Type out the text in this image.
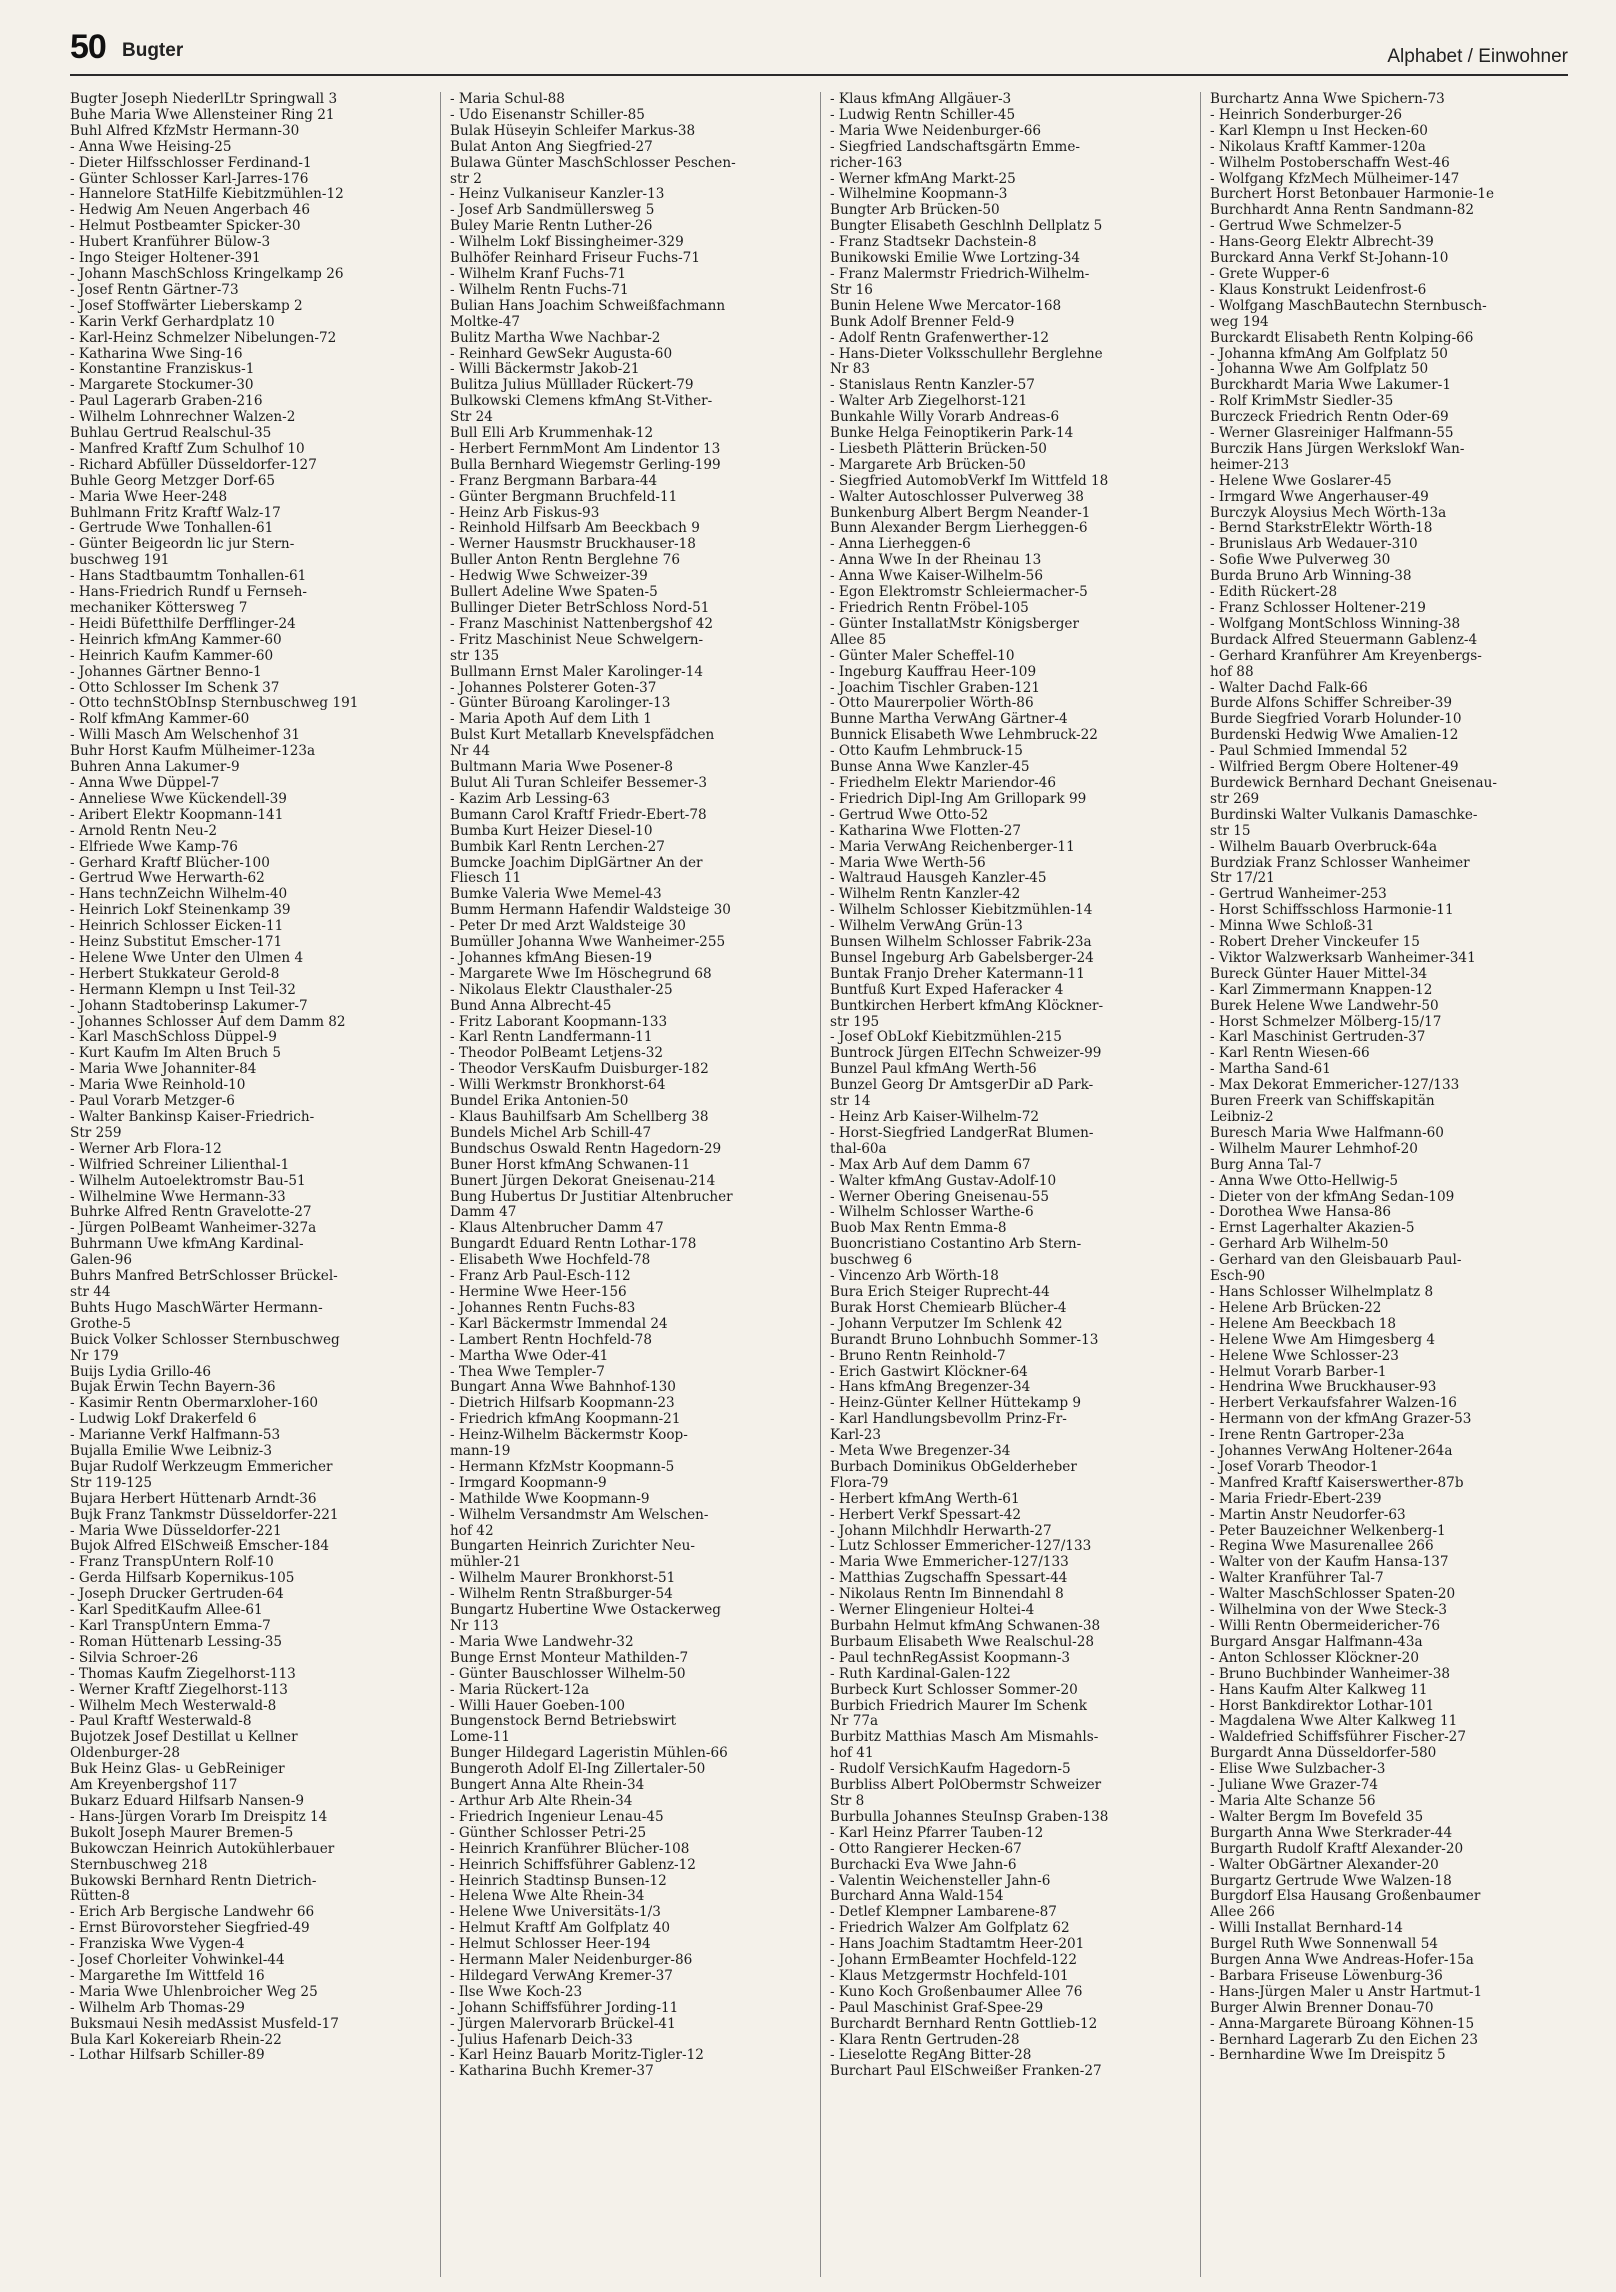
50 Bugter	Alphabet / Einwohner

Bugter Joseph NiederlLtr Springwall 3

Buhe Maria Wwe Allensteiner Ring 21

Buhl Alfred KfzMstr Hermann-30

- Anna Wwe Heising-25

- Dieter Hilfsschlosser Ferdinand-1

- Günter Schlosser Karl-Jarres-176

- Hannelore StatHilfe Kiebitzmühlen-12

- Hedwig Am Neuen Angerbach 46

- Helmut Postbeamter Spicker-30

- Hubert Kranführer Bülow-3

- Ingo Steiger Holtener-391

- Johann MaschSchloss Kringelkamp 26

- Josef Rentn Gärtner-73

- Josef Stoffwärter Lieberskamp 2

- Karin Verkf Gerhardplatz 10

- Karl-Heinz Schmelzer Nibelungen-72

- Katharina Wwe Sing-16

- Konstantine Franziskus-1

- Margarete Stockumer-30

- Paul Lagerarb Graben-216

- Wilhelm Lohnrechner Walzen-2

Buhlau Gertrud Realschul-35

- Manfred Kraftf Zum Schulhof 10

- Richard Abfüller Düsseldorfer-127

Buhle Georg Metzger Dorf-65

- Maria Wwe Heer-248

Buhlmann Fritz Kraftf Walz-17

- Gertrude Wwe Tonhallen-61

- Günter Beigeordn lic jur Stern-

buschweg 191

- Hans Stadtbaumtm Tonhallen-61

- Hans-Friedrich Rundf u Fernseh-

mechaniker Köttersweg 7

- Heidi Büfetthilfe Derfflinger-24

- Heinrich kfmAng Kammer-60

- Heinrich Kaufm Kammer-60

- Johannes Gärtner Benno-1

- Otto Schlosser Im Schenk 37

- Otto technStObInsp Sternbuschweg 191

- Rolf kfmAng Kammer-60

- Willi Masch Am Welschenhof 31

Buhr Horst Kaufm Mülheimer-123a

Buhren Anna Lakumer-9

- Anna Wwe Düppel-7

- Anneliese Wwe Kückendell-39

- Aribert Elektr Koopmann-141

- Arnold Rentn Neu-2

- Elfriede Wwe Kamp-76

- Gerhard Kraftf Blücher-100

- Gertrud Wwe Herwarth-62

- Hans technZeichn Wilhelm-40

- Heinrich Lokf Steinenkamp 39

- Heinrich Schlosser Eicken-11

- Heinz Substitut Emscher-171

- Helene Wwe Unter den Ulmen 4

- Herbert Stukkateur Gerold-8

- Hermann Klempn u Inst Teil-32

- Johann Stadtoberinsp Lakumer-7

- Johannes Schlosser Auf dem Damm 82

- Karl MaschSchloss Düppel-9

- Kurt Kaufm Im Alten Bruch 5

- Maria Wwe Johanniter-84

- Maria Wwe Reinhold-10

- Paul Vorarb Metzger-6

- Walter Bankinsp Kaiser-Friedrich-

Str 259

- Werner Arb Flora-12

- Wilfried Schreiner Lilienthal-1

- Wilhelm Autoelektromstr Bau-51

- Wilhelmine Wwe Hermann-33

Buhrke Alfred Rentn Gravelotte-27

- Jürgen PolBeamt Wanheimer-327a

Buhrmann Uwe kfmAng Kardinal-

Galen-96

Buhrs Manfred BetrSchlosser Brückel-

str 44

Buhts Hugo MaschWärter Hermann-

Grothe-5

Buick Volker Schlosser Sternbuschweg

Nr 179

Buijs Lydia Grillo-46

Bujak Erwin Techn Bayern-36

- Kasimir Rentn Obermarxloher-160

- Ludwig Lokf Drakerfeld 6

- Marianne Verkf Halfmann-53

Bujalla Emilie Wwe Leibniz-3

Bujar Rudolf Werkzeugm Emmericher

Str 119-125

Bujara Herbert Hüttenarb Arndt-36

Bujk Franz Tankmstr Düsseldorfer-221

- Maria Wwe Düsseldorfer-221

Bujok Alfred ElSchweiß Emscher-184

- Franz TranspUntern Rolf-10

- Gerda Hilfsarb Kopernikus-105

- Joseph Drucker Gertruden-64

- Karl SpeditKaufm Allee-61

- Karl TranspUntern Emma-7

- Roman Hüttenarb Lessing-35

- Silvia Schroer-26

- Thomas Kaufm Ziegelhorst-113

- Werner Kraftf Ziegelhorst-113

- Wilhelm Mech Westerwald-8

- Paul Kraftf Westerwald-8

Bujotzek Josef Destillat u Kellner

Oldenburger-28

Buk Heinz Glas- u GebReiniger

Am Kreyenbergshof 117

Bukarz Eduard Hilfsarb Nansen-9

- Hans-Jürgen Vorarb Im Dreispitz 14

Bukolt Joseph Maurer Bremen-5

Bukowczan Heinrich Autokühlerbauer

Sternbuschweg 218

Bukowski Bernhard Rentn Dietrich-

Rütten-8

- Erich Arb Bergische Landwehr 66

- Ernst Bürovorsteher Siegfried-49

- Franziska Wwe Vygen-4

- Josef Chorleiter Vohwinkel-44

- Margarethe Im Wittfeld 16

- Maria Wwe Uhlenbroicher Weg 25

- Wilhelm Arb Thomas-29

Buksmaui Nesih medAssist Musfeld-17

Bula Karl Kokereiarb Rhein-22

- Lothar Hilfsarb Schiller-89

- Maria Schul-88

- Udo Eisenanstr Schiller-85

Bulak Hüseyin Schleifer Markus-38

Bulat Anton Ang Siegfried-27

Bulawa Günter MaschSchlosser Peschen-

str 2

- Heinz Vulkaniseur Kanzler-13

- Josef Arb Sandmüllersweg 5

Buley Marie Rentn Luther-26

- Wilhelm Lokf Bissingheimer-329

Bulhöfer Reinhard Friseur Fuchs-71

- Wilhelm Kranf Fuchs-71

- Wilhelm Rentn Fuchs-71

Bulian Hans Joachim Schweißfachmann

Moltke-47

Bulitz Martha Wwe Nachbar-2

- Reinhard GewSekr Augusta-60

- Willi Bäckermstr Jakob-21

Bulitza Julius Mülllader Rückert-79

Bulkowski Clemens kfmAng St-Vither-

Str 24

Bull Elli Arb Krummenhak-12

- Herbert FernmMont Am Lindentor 13

Bulla Bernhard Wiegemstr Gerling-199

- Franz Bergmann Barbara-44

- Günter Bergmann Bruchfeld-11

- Heinz Arb Fiskus-93

- Reinhold Hilfsarb Am Beeckbach 9

- Werner Hausmstr Bruckhauser-18

Buller Anton Rentn Berglehne 76

- Hedwig Wwe Schweizer-39

Bullert Adeline Wwe Spaten-5

Bullinger Dieter BetrSchloss Nord-51

- Franz Maschinist Nattenbergshof 42

- Fritz Maschinist Neue Schwelgern-

str 135

Bullmann Ernst Maler Karolinger-14

- Johannes Polsterer Goten-37

- Günter Büroang Karolinger-13

- Maria Apoth Auf dem Lith 1

Bulst Kurt Metallarb Knevelspfädchen

Nr 44

Bultmann Maria Wwe Posener-8

Bulut Ali Turan Schleifer Bessemer-3

- Kazim Arb Lessing-63

Bumann Carol Kraftf Friedr-Ebert-78

Bumba Kurt Heizer Diesel-10

Bumbik Karl Rentn Lerchen-27

Bumcke Joachim DiplGärtner An der

Fliesch 11

Bumke Valeria Wwe Memel-43

Bumm Hermann Hafendir Waldsteige 30

- Peter Dr med Arzt Waldsteige 30

Bumüller Johanna Wwe Wanheimer-255

- Johannes kfmAng Biesen-19

- Margarete Wwe Im Höschegrund 68

- Nikolaus Elektr Clausthaler-25

Bund Anna Albrecht-45

- Fritz Laborant Koopmann-133

- Karl Rentn Landfermann-11

- Theodor PolBeamt Letjens-32

- Theodor VersKaufm Duisburger-182

- Willi Werkmstr Bronkhorst-64

Bundel Erika Antonien-50

- Klaus Bauhilfsarb Am Schellberg 38

Bundels Michel Arb Schill-47

Bundschus Oswald Rentn Hagedorn-29

Buner Horst kfmAng Schwanen-11

Bunert Jürgen Dekorat Gneisenau-214

Bung Hubertus Dr Justitiar Altenbrucher

Damm 47

- Klaus Altenbrucher Damm 47

Bungardt Eduard Rentn Lothar-178

- Elisabeth Wwe Hochfeld-78

- Franz Arb Paul-Esch-112

- Hermine Wwe Heer-156

- Johannes Rentn Fuchs-83

- Karl Bäckermstr Immendal 24

- Lambert Rentn Hochfeld-78

- Martha Wwe Oder-41

- Thea Wwe Templer-7

Bungart Anna Wwe Bahnhof-130

- Dietrich Hilfsarb Koopmann-23

- Friedrich kfmAng Koopmann-21

- Heinz-Wilhelm Bäckermstr Koop-

mann-19

- Hermann KfzMstr Koopmann-5

- Irmgard Koopmann-9

- Mathilde Wwe Koopmann-9

- Wilhelm Versandmstr Am Welschen-

hof 42

Bungarten Heinrich Zurichter Neu-

mühler-21

- Wilhelm Maurer Bronkhorst-51

- Wilhelm Rentn Straßburger-54

Bungartz Hubertine Wwe Ostackerweg

Nr 113

- Maria Wwe Landwehr-32

Bunge Ernst Monteur Mathilden-7

- Günter Bauschlosser Wilhelm-50

- Maria Rückert-12a

- Willi Hauer Goeben-100

Bungenstock Bernd Betriebswirt

Lome-11

Bunger Hildegard Lageristin Mühlen-66

Bungeroth Adolf El-Ing Zillertaler-50

Bungert Anna Alte Rhein-34

- Arthur Arb Alte Rhein-34

- Friedrich Ingenieur Lenau-45

- Günther Schlosser Petri-25

- Heinrich Kranführer Blücher-108

- Heinrich Schiffsführer Gablenz-12

- Heinrich Stadtinsp Bunsen-12

- Helena Wwe Alte Rhein-34

- Helene Wwe Universitäts-1/3

- Helmut Kraftf Am Golfplatz 40

- Helmut Schlosser Heer-194

- Hermann Maler Neidenburger-86

- Hildegard VerwAng Kremer-37

- Ilse Wwe Koch-23

- Johann Schiffsführer Jording-11

- Jürgen Malervorarb Brückel-41

- Julius Hafenarb Deich-33

- Karl Heinz Bauarb Moritz-Tigler-12

- Katharina Buchh Kremer-37

- Klaus kfmAng Allgäuer-3

- Ludwig Rentn Schiller-45

- Maria Wwe Neidenburger-66

- Siegfried Landschaftsgärtn Emme-

richer-163

- Werner kfmAng Markt-25

- Wilhelmine Koopmann-3

Bungter Arb Brücken-50

Bungter Elisabeth Geschlnh Dellplatz 5

- Franz Stadtsekr Dachstein-8

Bunikowski Emilie Wwe Lortzing-34

- Franz Malermstr Friedrich-Wilhelm-

Str 16

Bunin Helene Wwe Mercator-168

Bunk Adolf Brenner Feld-9

- Adolf Rentn Grafenwerther-12

- Hans-Dieter Volksschullehr Berglehne

Nr 83

- Stanislaus Rentn Kanzler-57

- Walter Arb Ziegelhorst-121

Bunkahle Willy Vorarb Andreas-6

Bunke Helga Feinoptikerin Park-14

- Liesbeth Plätterin Brücken-50

- Margarete Arb Brücken-50

- Siegfried AutomobVerkf Im Wittfeld 18

- Walter Autoschlosser Pulverweg 38

Bunkenburg Albert Bergm Neander-1

Bunn Alexander Bergm Lierheggen-6

- Anna Lierheggen-6

- Anna Wwe In der Rheinau 13

- Anna Wwe Kaiser-Wilhelm-56

- Egon Elektromstr Schleiermacher-5

- Friedrich Rentn Fröbel-105

- Günter InstallatMstr Königsberger

Allee 85

- Günter Maler Scheffel-10

- Ingeburg Kauffrau Heer-109

- Joachim Tischler Graben-121

- Otto Maurerpolier Wörth-86

Bunne Martha VerwAng Gärtner-4

Bunnick Elisabeth Wwe Lehmbruck-22

- Otto Kaufm Lehmbruck-15

Bunse Anna Wwe Kanzler-45

- Friedhelm Elektr Mariendor-46

- Friedrich Dipl-Ing Am Grillopark 99

- Gertrud Wwe Otto-52

- Katharina Wwe Flotten-27

- Maria VerwAng Reichenberger-11

- Maria Wwe Werth-56

- Waltraud Hausgeh Kanzler-45

- Wilhelm Rentn Kanzler-42

- Wilhelm Schlosser Kiebitzmühlen-14

- Wilhelm VerwAng Grün-13

Bunsen Wilhelm Schlosser Fabrik-23a

Bunsel Ingeburg Arb Gabelsberger-24

Buntak Franjo Dreher Katermann-11

Buntfuß Kurt Exped Haferacker 4

Buntkirchen Herbert kfmAng Klöckner-

str 195

- Josef ObLokf Kiebitzmühlen-215

Buntrock Jürgen ElTechn Schweizer-99

Bunzel Paul kfmAng Werth-56

Bunzel Georg Dr AmtsgerDir aD Park-

str 14

- Heinz Arb Kaiser-Wilhelm-72

- Horst-Siegfried LandgerRat Blumen-

thal-60a

- Max Arb Auf dem Damm 67

- Walter kfmAng Gustav-Adolf-10

- Werner Obering Gneisenau-55

- Wilhelm Schlosser Warthe-6

Buob Max Rentn Emma-8

Buoncristiano Costantino Arb Stern-

buschweg 6

- Vincenzo Arb Wörth-18

Bura Erich Steiger Ruprecht-44

Burak Horst Chemiearb Blücher-4

- Johann Verputzer Im Schlenk 42

Burandt Bruno Lohnbuchh Sommer-13

- Bruno Rentn Reinhold-7

- Erich Gastwirt Klöckner-64

- Hans kfmAng Bregenzer-34

- Heinz-Günter Kellner Hüttekamp 9

- Karl Handlungsbevollm Prinz-Fr-

Karl-23

- Meta Wwe Bregenzer-34

Burbach Dominikus ObGelderheber

Flora-79

- Herbert kfmAng Werth-61

- Herbert Verkf Spessart-42

- Johann Milchhdlr Herwarth-27

- Lutz Schlosser Emmericher-127/133

- Maria Wwe Emmericher-127/133

- Matthias Zugschaffn Spessart-44

- Nikolaus Rentn Im Binnendahl 8

- Werner Elingenieur Holtei-4

Burbahn Helmut kfmAng Schwanen-38

Burbaum Elisabeth Wwe Realschul-28

- Paul technRegAssist Koopmann-3

- Ruth Kardinal-Galen-122

Burbeck Kurt Schlosser Sommer-20

Burbich Friedrich Maurer Im Schenk

Nr 77a

Burbitz Matthias Masch Am Mismahls-

hof 41

- Rudolf VersichKaufm Hagedorn-5

Burbliss Albert PolObermstr Schweizer

Str 8

Burbulla Johannes SteuInsp Graben-138

- Karl Heinz Pfarrer Tauben-12

- Otto Rangierer Hecken-67

Burchacki Eva Wwe Jahn-6

- Valentin Weichensteller Jahn-6

Burchard Anna Wald-154

- Detlef Klempner Lambarene-87

- Friedrich Walzer Am Golfplatz 62

- Hans Joachim Stadtamtm Heer-201

- Johann ErmBeamter Hochfeld-122

- Klaus Metzgermstr Hochfeld-101

- Kuno Koch Großenbaumer Allee 76

- Paul Maschinist Graf-Spee-29

Burchardt Bernhard Rentn Gottlieb-12

- Klara Rentn Gertruden-28

- Lieselotte RegAng Bitter-28

Burchart Paul ElSchweißer Franken-27

Burchartz Anna Wwe Spichern-73

- Heinrich Sonderburger-26

- Karl Klempn u Inst Hecken-60

- Nikolaus Kraftf Kammer-120a

- Wilhelm Postoberschaffn West-46

- Wolfgang KfzMech Mülheimer-147

Burchert Horst Betonbauer Harmonie-1e

Burchhardt Anna Rentn Sandmann-82

- Gertrud Wwe Schmelzer-5

- Hans-Georg Elektr Albrecht-39

Burckard Anna Verkf St-Johann-10

- Grete Wupper-6

- Klaus Konstrukt Leidenfrost-6

- Wolfgang MaschBautechn Sternbusch-

weg 194

Burckardt Elisabeth Rentn Kolping-66

- Johanna kfmAng Am Golfplatz 50

- Johanna Wwe Am Golfplatz 50

Burckhardt Maria Wwe Lakumer-1

- Rolf KrimMstr Siedler-35

Burczeck Friedrich Rentn Oder-69

- Werner Glasreiniger Halfmann-55

Burczik Hans Jürgen Werkslokf Wan-

heimer-213

- Helene Wwe Goslarer-45

- Irmgard Wwe Angerhauser-49

Burczyk Aloysius Mech Wörth-13a

- Bernd StarkstrElektr Wörth-18

- Brunislaus Arb Wedauer-310

- Sofie Wwe Pulverweg 30

Burda Bruno Arb Winning-38

- Edith Rückert-28

- Franz Schlosser Holtener-219

- Wolfgang MontSchloss Winning-38

Burdack Alfred Steuermann Gablenz-4

- Gerhard Kranführer Am Kreyenbergs-

hof 88

- Walter Dachd Falk-66

Burde Alfons Schiffer Schreiber-39

Burde Siegfried Vorarb Holunder-10

Burdenski Hedwig Wwe Amalien-12

- Paul Schmied Immendal 52

- Wilfried Bergm Obere Holtener-49

Burdewick Bernhard Dechant Gneisenau-

str 269

Burdinski Walter Vulkanis Damaschke-

str 15

- Wilhelm Bauarb Overbruck-64a

Burdziak Franz Schlosser Wanheimer

Str 17/21

- Gertrud Wanheimer-253

- Horst Schiffsschloss Harmonie-11

- Minna Wwe Schloß-31

- Robert Dreher Vinckeufer 15

- Viktor Walzwerksarb Wanheimer-341

Bureck Günter Hauer Mittel-34

- Karl Zimmermann Knappen-12

Burek Helene Wwe Landwehr-50

- Horst Schmelzer Mölberg-15/17

- Karl Maschinist Gertruden-37

- Karl Rentn Wiesen-66

- Martha Sand-61

- Max Dekorat Emmericher-127/133

Buren Freerk van Schiffskapitän

Leibniz-2

Buresch Maria Wwe Halfmann-60

- Wilhelm Maurer Lehmhof-20

Burg Anna Tal-7

- Anna Wwe Otto-Hellwig-5

- Dieter von der kfmAng Sedan-109

- Dorothea Wwe Hansa-86

- Ernst Lagerhalter Akazien-5

- Gerhard Arb Wilhelm-50

- Gerhard van den Gleisbauarb Paul-

Esch-90

- Hans Schlosser Wilhelmplatz 8

- Helene Arb Brücken-22

- Helene Am Beeckbach 18

- Helene Wwe Am Himgesberg 4

- Helene Wwe Schlosser-23

- Helmut Vorarb Barber-1

- Hendrina Wwe Bruckhauser-93

- Herbert Verkaufsfahrer Walzen-16

- Hermann von der kfmAng Grazer-53

- Irene Rentn Gartroper-23a

- Johannes VerwAng Holtener-264a

- Josef Vorarb Theodor-1

- Manfred Kraftf Kaiserswerther-87b

- Maria Friedr-Ebert-239

- Martin Anstr Neudorfer-63

- Peter Bauzeichner Welkenberg-1

- Regina Wwe Masurenallee 266

- Walter von der Kaufm Hansa-137

- Walter Kranführer Tal-7

- Walter MaschSchlosser Spaten-20

- Wilhelmina von der Wwe Steck-3

- Willi Rentn Obermeidericher-76

Burgard Ansgar Halfmann-43a

- Anton Schlosser Klöckner-20

- Bruno Buchbinder Wanheimer-38

- Hans Kaufm Alter Kalkweg 11

- Horst Bankdirektor Lothar-101

- Magdalena Wwe Alter Kalkweg 11

- Waldefried Schiffsführer Fischer-27

Burgardt Anna Düsseldorfer-580

- Elise Wwe Sulzbacher-3

- Juliane Wwe Grazer-74

- Maria Alte Schanze 56

- Walter Bergm Im Bovefeld 35

Burgarth Anna Wwe Sterkrader-44

Burgarth Rudolf Kraftf Alexander-20

- Walter ObGärtner Alexander-20

Burgartz Gertrude Wwe Walzen-18

Burgdorf Elsa Hausang Großenbaumer

Allee 266

- Willi Installat Bernhard-14

Burgel Ruth Wwe Sonnenwall 54

Burgen Anna Wwe Andreas-Hofer-15a

- Barbara Friseuse Löwenburg-36

- Hans-Jürgen Maler u Anstr Hartmut-1

Burger Alwin Brenner Donau-70

- Anna-Margarete Büroang Köhnen-15

- Bernhard Lagerarb Zu den Eichen 23

- Bernhardine Wwe Im Dreispitz 5
